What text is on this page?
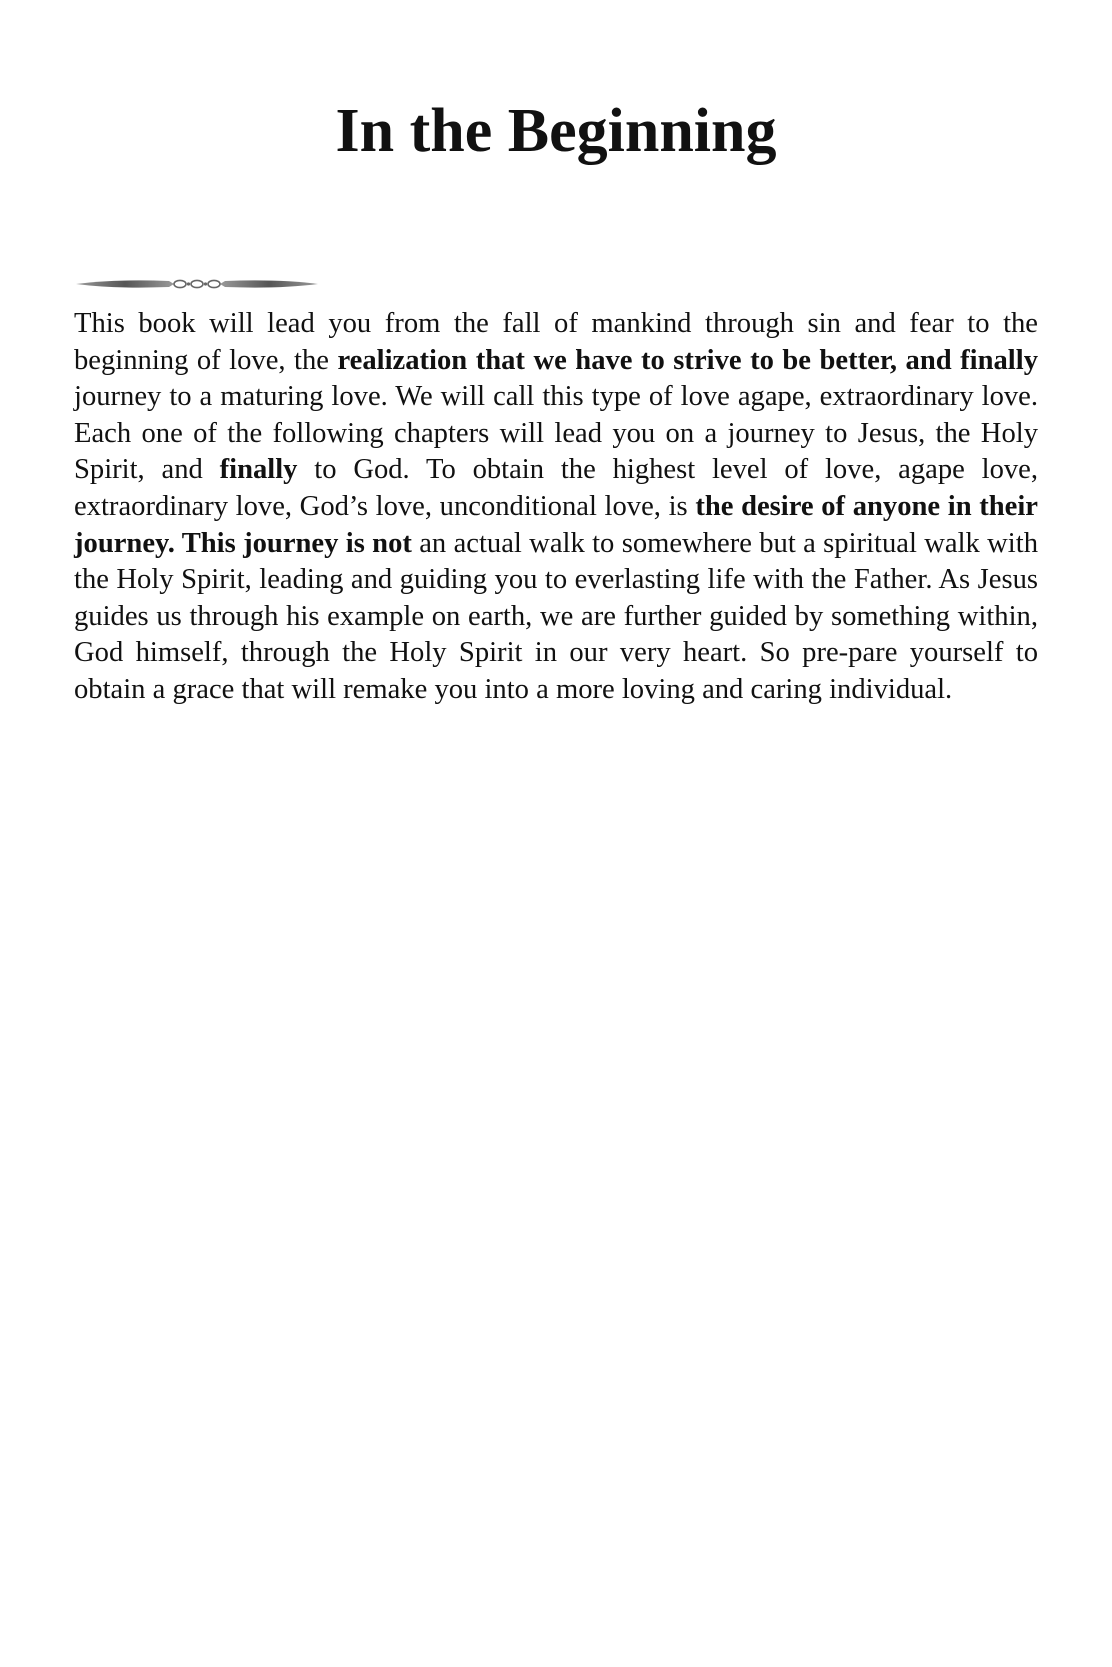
In the Beginning

This book will lead you from the fall of mankind through sin and fear to the beginning of love, the realization that we have to strive to be better, and finally journey to a maturing love. We will call this type of love agape, extraordinary love. Each one of the following chapters will lead you on a journey to Jesus, the Holy Spirit, and finally to God. To obtain the highest level of love, agape love, extraordinary love, God’s love, unconditional love, is the desire of anyone in their journey. This journey is not an actual walk to somewhere but a spiritual walk with the Holy Spirit, leading and guiding you to everlasting life with the Father. As Jesus guides us through his example on earth, we are further guided by something within, God himself, through the Holy Spirit in our very heart. So pre-pare yourself to obtain a grace that will remake you into a more loving and caring individual.
